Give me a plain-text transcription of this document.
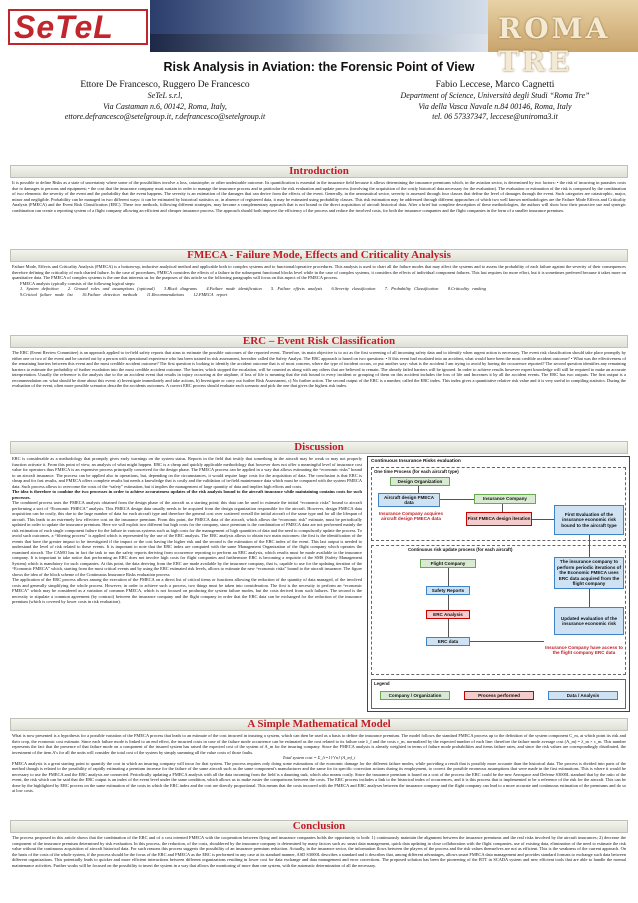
SeTeL	ROMA TRE
Risk Analysis in Aviation: the Forensic Point of View
Ettore De Francesco, Ruggero De Francesco
SeTeL s.r.l,
Via Castaman n.6, 00142, Roma, Italy,
ettore.defrancesco@setelgroup.it, r.defrancesco@setelgroup.it
Fabio Leccese, Marco Cagnetti
Department of Science, Università degli Studi “Roma Tre”
Via della Vasca Navale n.84 00146, Roma, Italy
tel. 06 57337347, leccese@uniroma3.it
Introduction

It is possible to define Risks as a state of uncertainty where some of the possibilities involve a loss, catastrophe, or other undesirable outcome. Its quantification is essential in the insurance field because it allows determining the insurance premiums which, in the aviation sector, is determined by two factors: • the risk of incurring in parasites costs due to damages to persons and equipment; • the cost that the insurance company must sustain in order to manage the insurance process and in particular the risk evaluation and update process (involving the acquisition of the costly historical data necessary for the evaluation). The evaluation or estimation of the risk is composed by the combination of two elements: the severity of the event and the probability that the event happens. The severity is an estimation of the damages that can derive from the effects of the event. Generally, in the aeronautical sector, severity is assessed through four classes that define the level of damages through the event. Such categories are catastrophic, major, minor and negligible. Probability can be managed in two different ways: it can be estimated by historical statistics or, in absence of registered data, it may be estimated using probability classes. This risk estimation may be addressed through different approaches of which two well known methodologies are the Failure Mode Effects and Criticality Analysis (FMECA) and the Event Risk Classification (ERC). These two methods, following different strategies, may become a complementary approach that is not bound to the direct acquisition of aircraft historical data. After a brief but complete description of these methodologies, the authors will show how their proactive use and synergic combination can create a reporting system of a flight company allowing an efficient and cheaper insurance process. The approach should both improve the efficiency of the process and reduce the involved costs, for both the insurance companies and the flight companies in the form of a smaller insurance premium.

FMECA - Failure Mode, Effects and Criticality Analysis

Failure Mode, Effects and Criticality Analysis (FMECA) is a bottom-up, inductive analytical method and applicable both to complex systems and to functional/operative procedures. This analysis is used to chart all the failure modes that may affect the systems and to assess the probability of each failure against the severity of their consequences therefore defining the criticality of each charted failure. In the case of procedures, FMECA considers the effects of a failure in the subsequent functional blocks level while in the case of complex systems, it considers the effects of individual component failures. This last requires far more effort, but it is sometimes preferred because it takes more on quantitative data. The FMECA of complex systems is the one that interests us for the purposes of this article so the following paragraphs will focus on this aspect of the FMECA process.

FMECA analysis typically consists of the following logical steps:

1. System definition 2. Ground rules and assumptions (optional) 3.Block diagrams 4.Failure mode identification 5. Failure effects analysis 6.Severity classification 7. Probability Classification 8.Criticality ranking
9.Critical failure mode list 10.Failure detection methods 11.Recommendations 12.FMECA report

ERC – Event Risk Classification

The ERC (Event Review Committee) is an approach applied to in-field safety reports that aims to estimate the possible outcomes of the reported event. Therefore, its main objective is to act as the first screening of all incoming safety data and to identify when urgent action is necessary. The event risk classification should take place promptly by either one or two of the event and be carried out by a person with operational experience who has been trained in risk assessment, hereafter called the Safety Analyst. The ERC approach is based on two questions: • If this event had escalated into an accident, what would have been the most credible accident outcome? • What was the effectiveness of the remaining barriers between this event and the most credible accident outcome? The first question is looking to identify the accident outcome that is of most concern, where the type of incident occurs, or put another way: what is the accident I am trying to avoid by having the occurrence reported? The second question identifies any remaining barriers to estimate the probability of further escalation into the most credible accident outcome. The barrier, which stopped the escalation, will be counted as along with any others that are believed to remain. The already failed barriers will be ignored. In order to achieve results however expert knowledge will still be required to make an accurate interpretation. Usually the reference is the analysis due to the an accident event that results in injury occurring at the airplane, if loss of life is meaning that the risk bound to every incident or grouping of them on this accident includes the loss of life and Increases it by all the accident events. The ERC has two outputs. The first output is a recommendation on: what should be done about this event: a) Investigate immediately and take actions, b) Investigate or carry out further Risk Assessment, c) No further action. The second output of the ERC is a number, called the ERC index. This index gives a quantitative relative risk value and it is very useful in compiling statistics. During the evaluation of the event, often more possible scenarios describe the accidents outcomes. A correct ERC process should evaluate each scenario and pick the one that gives the highest risk index.

Discussion

ERC is considerable as a methodology that promptly gives early warnings on the system status. Reports in the field that testify that something in the aircraft may be weak or may not properly function activate it. From this point of view, an analysis of what might happen. ERC is a cheap and quickly applicable methodology that however does not offer a meaningful level of insurance cost value for operators thus FMECA is an expensive process principally conceived for the design phase. The FMECA process can be applied in a way that allows estimating the “economic risks” bound to an aircraft insurance. The process can be applied also in operations, but, depending on the circumstances, it would require large costs for the acquisition of data. The conclusion is that ERC is cheap and for fast results, and FMECA offers complete results but needs a knowledge that is costly and the validation of in-field maintenance data which must be compared with the system FMECA data. Such process allows to overcome the costs of the “safety” estimation, but it implies the management of large quantity of data and implies high efforts and costs.

The idea is therefore to combine the two processes in order to achieve accurateness updates of the risk analysis bound to the aircraft insurance while maintaining contains costs for such processes.

The combined process uses the FMECA analysis obtained from the design phase of the aircraft as a starting point; this data can be used to estimate the initial “economic risks” bound to aircraft performing a sort of “Economic FMECA” analysis. This FMECA design data usually needs to be acquired from the design organization responsible for the aircraft. However, design FMECA data acquisition can be costly, this due to the large number of data for each aircraft type and therefore the general cost over scattered overall the initial aircraft of the same type and for all the lifespan of aircraft. This leads to an extremely low effective cost on the insurance premium. From this point, the FMECA data of the aircraft, which allows the “economic risk” estimate, must be periodically updated in order to update the insurance premium. Here we will exploit two different but high costs for the company, since premium is the combination of FMECA data are not performed mainly the risk estimation of each single component failure for the failure in various systems such as high costs for the management of high quantities of data and the need to compulsorily update the process. To avoid such outcomes, a “filtering process” is applied which is represented by the use of the ERC analysis. The ERC analysis allows to obtain two main outcomes: the first is the identification of the events that have the greater impact to be investigated if the impact or the cost having the higher risk and the second is the estimation of the ERC index of the event. This last output is needed to understand the level of risk related to these events. It is important to note that the ERC index are computed with the same Management Organization of the flight company which operates the examined aircraft. The CAMO has in fact the task to run the safety reports deriving from occurrence reporting to perform an ERC analysis, which results must be made available to the insurance company. It is important to take notice that performing an ERC does not involve high costs for flight companies and furthermore ERC is becoming a requisite of the SMS (Safety Management System) which is mandatory for such companies. At this point, the data deriving from the ERC are made available by the insurance company, that is, capable to use for the updating iteration of the “Economic FMECA” which, starting from the most critical events and by using the ERC estimated risk levels, allows to estimate the new “economic risks” bound to the aircraft insurance. The figure shows the idea of the block scheme of the Continuous Insurance Risks evaluation process.

The application of the ERC process allows among the execution of the FMECA on a direct list of critical items or functions allowing the reduction of the quantity of data managed, of the involved costs and generally simplifying the whole process. However, in order to achieve such a process, two things must be taken into consideration. The first is the necessity to perform an “economic FMECA” which may be considered as a variation of common FMECA, which is not focused on producing the system failure modes, but the costs derived from such failures. The second is the necessity to stipulate a common agreement (by contract) between the insurance company and the flight company in order that the ERC data can be exchanged for the reduction of the insurance premium (which is covered by lower costs in risk evaluation).

Continuous Insurance Risks evaluation
One time Process (for each aircraft type)
Design Organization
Aircraft design FMECA data
Insurance Company
Insurance Company acquires aircraft design FMECA data	First FMECA design iteration
First Evaluation of the insurance economic risk bound to the aircraft type
Continuous risk update process (for each aircraft)
Flight Company	The insurance company to perform periodic iterations of the Economic FMECA uses ERC data acquired from the flight company
Safety Reports
ERC Analysis
Updated evaluation of the insurance economic risk
ERC data
Insurance Company have access to the flight company ERC data
Legend
Company / Organization	Process performed	Data / Analysis
A Simple Mathematical Model

What is now presented is a hypothesis for a possible variation of the FMECA process that leads to an estimate of the cost incurred in insuring a system, which can then be used as a basis to define the insurance premium. The model follows the standard FMECA process up to the definition of the system component C_m, at which point its risk and their crop, the economic cost estimate. Since each failure mode is linked to an end effect, the incurred costs in case of the failure mode occurrence can be estimated as the cost related to its failure rate λ_f and the costs c_m, normalized by the expected number of each line: therefore the failure mode average cost (A_m) = λ_m × c_m. This number represents the fact that the presence of that failure mode on a component of the insured system has raised the expected cost of the system of A_m for the insuring company. Since the FMECA analysis is already weighted in terms of failure mode probabilities and items failure rates, and since the risk values are correspondingly distributed, the investment of the item A's for all the units will consider the total cost of the system by simply summing all the value costs of those faults.

Total system cost = Σ_{i=1}^{n} (A_m)_i

FMECA analysis is a great starting point to quantify the cost in which an insuring company will incur for that system. The process requires only doing some estimations of the economic damage for the different failure modes, while providing a result that is possibly more accurate than the historical data. The process is divided into parts of the method though is related to the possibility of rapidly estimating a premium increase for the failure of the same aircraft such as the same component's manufacturer and the same for its specific correction actions during its employment, to correct the possible erroneous assumptions that were made in the first estimations. This is where it would be necessary to use the FMECA and the ERC analysis are connected. Periodically updating a FMECA analysis with all the data incoming from the field is a daunting task, which also means costly. Since the insurance premium is based on a cost of the process the ERC could be the new Aerospace and Defense S3000L standard that by the ratio of the event, the risk which can be said that the ERC output is an index of the event level under the same condition, which allows us to make easier the comparisons between the costs. The ERC process includes a link to the historical index of occurrences, and it is this process that is implemented to be a reference of the risk for the aircraft. This can be done by the highlighted by ERC process on the same estimation of the costs in which the ERC index and the cost are directly proportional. This means that the costs incurred with the FMECA and ERC analyses between the insurance company and the flight company can lead to a more accurate and continuous estimation of the premiums and do so at low costs.

Conclusion

The process proposed in this article shows that the combination of the ERC and of a cost oriented FMECA with the cooperation between flying and insurance companies holds the opportunity to both: 1) continuously maintain the alignment between the insurance premiums and the real risks involved by the aircraft insurances; 2) decrease the component of the insurance premium determined by risk evaluation. In this process, the reduction, of the costs, shouldered by the insurance company is determined by many factors such as: smart data management, quick data updating in close collaboration with the flight companies, use of existing data, elimination of the need to estimate the risk value without the continuous acquisition of aircraft historical data. For such reasons this process suggests the possibility of an insurance premium reduction. Actually, in the insurance sector, the information flows between the players of the process and the risk values themselves are not as efficient. This is the weakness of the current approach. On the basis of the costs of the whole system, if the process should be the focus of the ERC and FMECA as the ERC is performed in any case at its standard manner, ASD S3000L describes a standard and it describes that, among different advantages, allows smart FMECA data management and provides standard formats to exchange such data between different organizations. This potentially leads to quicker and more efficient interactions between different organizations resulting in lower cost for data exchange and data management and error corrections. The proposed solution has been the pioneering of the BTT in SCADA system and new efficient tools that are able to handle the normal maintenance activities. Further works will be focused on the possibility to insert the system in a way that allows the monitoring of more than one system, with the automatic determination of all the necessary.
